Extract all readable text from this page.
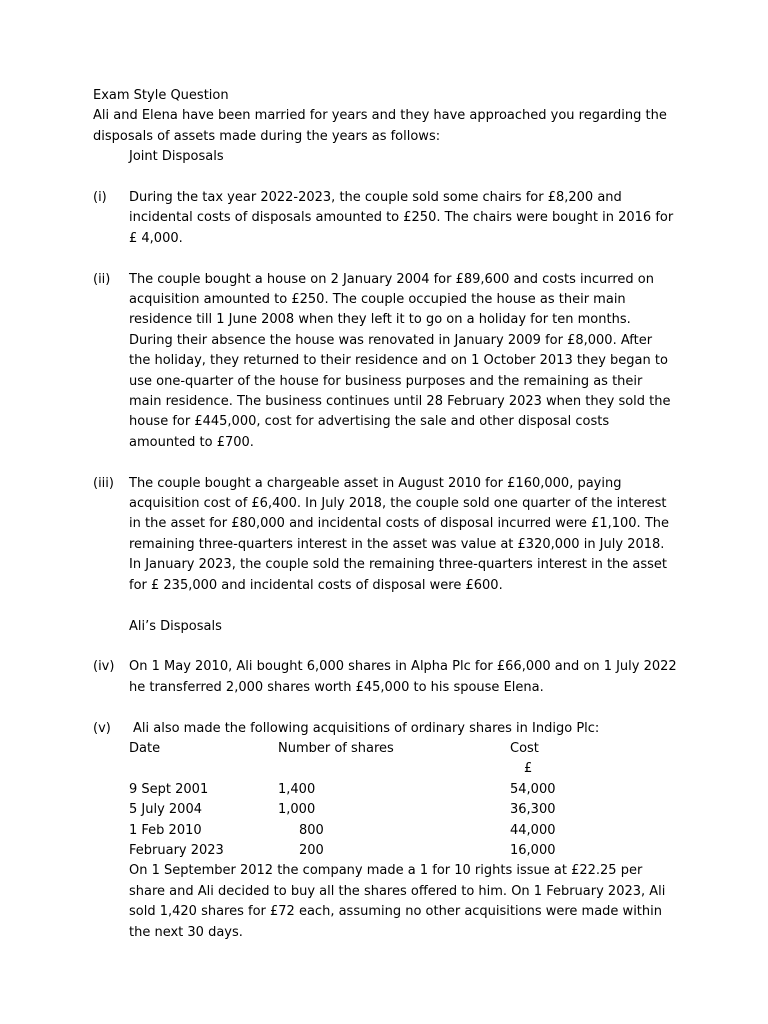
Exam Style Question
Ali and Elena have been married for years and they have approached you regarding the disposals of assets made during the years as follows:
Joint Disposals
(i)	During the tax year 2022-2023, the couple sold some chairs for £8,200 and incidental costs of disposals amounted to £250. The chairs were bought in 2016 for £ 4,000.
(ii)	The couple bought a house on 2 January 2004 for £89,600 and costs incurred on acquisition amounted to £250. The couple occupied the house as their main residence till 1 June 2008 when they left it to go on a holiday for ten months. During their absence the house was renovated in January 2009 for £8,000. After the holiday, they returned to their residence and on 1 October 2013 they began to use one-quarter of the house for business purposes and the remaining as their main residence. The business continues until 28 February 2023 when they sold the house for £445,000, cost for advertising the sale and other disposal costs amounted to £700.
(iii)	The couple bought a chargeable asset in August 2010 for £160,000, paying acquisition cost of £6,400. In July 2018, the couple sold one quarter of the interest in the asset for £80,000 and incidental costs of disposal incurred were £1,100. The remaining three-quarters interest in the asset was value at £320,000 in July 2018. In January 2023, the couple sold the remaining three-quarters interest in the asset for £ 235,000 and incidental costs of disposal were £600.
Ali’s Disposals
(iv)	On 1 May 2010, Ali bought 6,000 shares in Alpha Plc for £66,000 and on 1 July 2022 he transferred 2,000 shares worth £45,000 to his spouse Elena.
(v)	Ali also made the following acquisitions of ordinary shares in Indigo Plc:
Date	Number of shares	Cost
£
9 Sept 2001	1,400	54,000
5 July 2004	1,000	36,300
1 Feb 2010	800	44,000
February 2023	200	16,000
On 1 September 2012 the company made a 1 for 10 rights issue at £22.25 per share and Ali decided to buy all the shares offered to him. On 1 February 2023, Ali sold 1,420 shares for £72 each, assuming no other acquisitions were made within the next 30 days.
